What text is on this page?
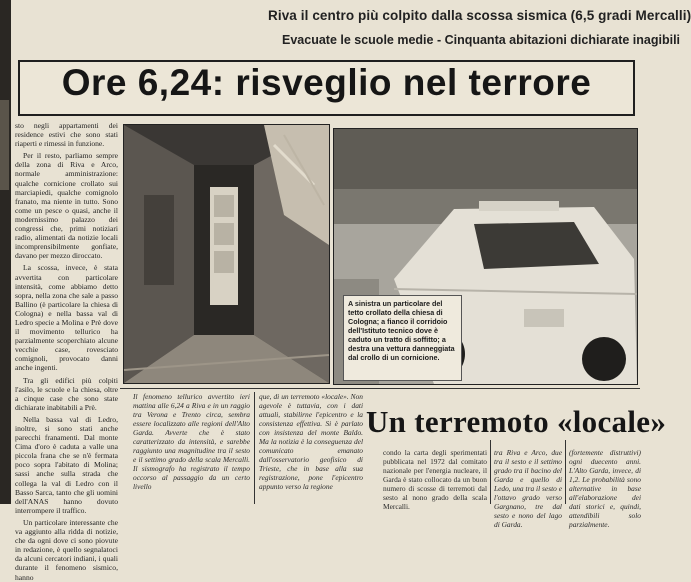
Riva il centro più colpito dalla scossa sismica (6,5 gradi Mercalli)
Evacuate le scuole medie - Cinquanta abitazioni dichiarate inagibili
Ore 6,24: risveglio nel terrore

sto negli appartamenti dei residence estivi che sono stati riaperti e rimessi in funzione.

Per il resto, parliamo sempre della zona di Riva e Arco, normale amministrazione: qualche cornicione crollato sui marciapiedi, qualche comignolo franato, ma niente in tutto. Sono come un pesce o quasi, anche il modernissimo palazzo dei congressi che, primi notiziari radio, alimentati da notizie locali incomprensibilmente gonfiate, davano per mezzo diroccato.

La scossa, invece, è stata avvertita con particolare intensità, come abbiamo detto sopra, nella zona che sale a passo Ballino (è particolare la chiesa di Cologna) e nella bassa val di Ledro specie a Molina e Prè dove il movimento tellurico ha parzialmente scoperchiato alcune vecchie case, rovesciato comignoli, provocato danni anche ingenti.

Tra gli edifici più colpiti l'asilo, le scuole e la chiesa, oltre a cinque case che sono state dichiarate inabitabili a Prè.

Nella bassa val di Ledro, inoltre, si sono stati anche parecchi franamenti. Dal monte Cima d'oro è caduta a valle una piccola frana che se n'è fermata poco sopra l'abitato di Molina; sassi anche sulla strada che collega la val di Ledro con il Basso Sarca, tanto che gli uomini dell'ANAS hanno dovuto interrompere il traffico.

Un particolare interessante che va aggiunto alla ridda di notizie, che da ogni dove ci sono piovute in redazione, è quello segnalatoci da alcuni cercatori indiani, i quali durante il fenomeno sismico, hanno

A sinistra un particolare del tetto crollato della chiesa di Cologna; a fianco il corridoio dell'Istituto tecnico dove è caduto un tratto di soffitto; a destra una vettura danneggiata dal crollo di un cornicione.
Il fenomeno tellurico avvertito ieri mattina alle 6,24 a Riva e in un raggio tra Verona e Trento circa, sembra essere localizzato alle regioni dell'Alto Garda. Avverte che è stato caratterizzato da intensità, e sarebbe raggiunto una magnitudine tra il sesto e il settimo grado della scala Mercalli. Il sismografo ha registrato il tempo occorso al passaggio da un certo livello
que, di un terremoto «locale». Non agevole è tuttavia, con i dati attuali, stabilirne l'epicentro e la consistenza effettiva. Si è parlato con insistenza del monte Baldo. Ma la notizia è la conseguenza del comunicato emanato dall'osservatorio geofisico di Trieste, che in base alla sua registrazione, pone l'epicentro appunto verso la regione
Un terremoto «locale»
condo la carta degli sperimentati pubblicata nel 1972 dal comitato nazionale per l'energia nucleare, il Garda è stato collocato da un buon numero di scosse di terremoti dal sesto al nono grado della scala Mercalli.
tra Riva e Arco, due tra il sesto e il settimo grado tra il bacino del Garda e quello di Ledo, una tra il sesto e l'ottavo grado verso Gargnano, tre dal sesto e nono del lago di Garda.
(fortemente distruttivi) ogni duecento anni. L'Alto Garda, invece, di 1,2. Le probabilità sono alternative in base all'elaborazione dei dati storici e, quindi, attendibili solo parzialmente.
